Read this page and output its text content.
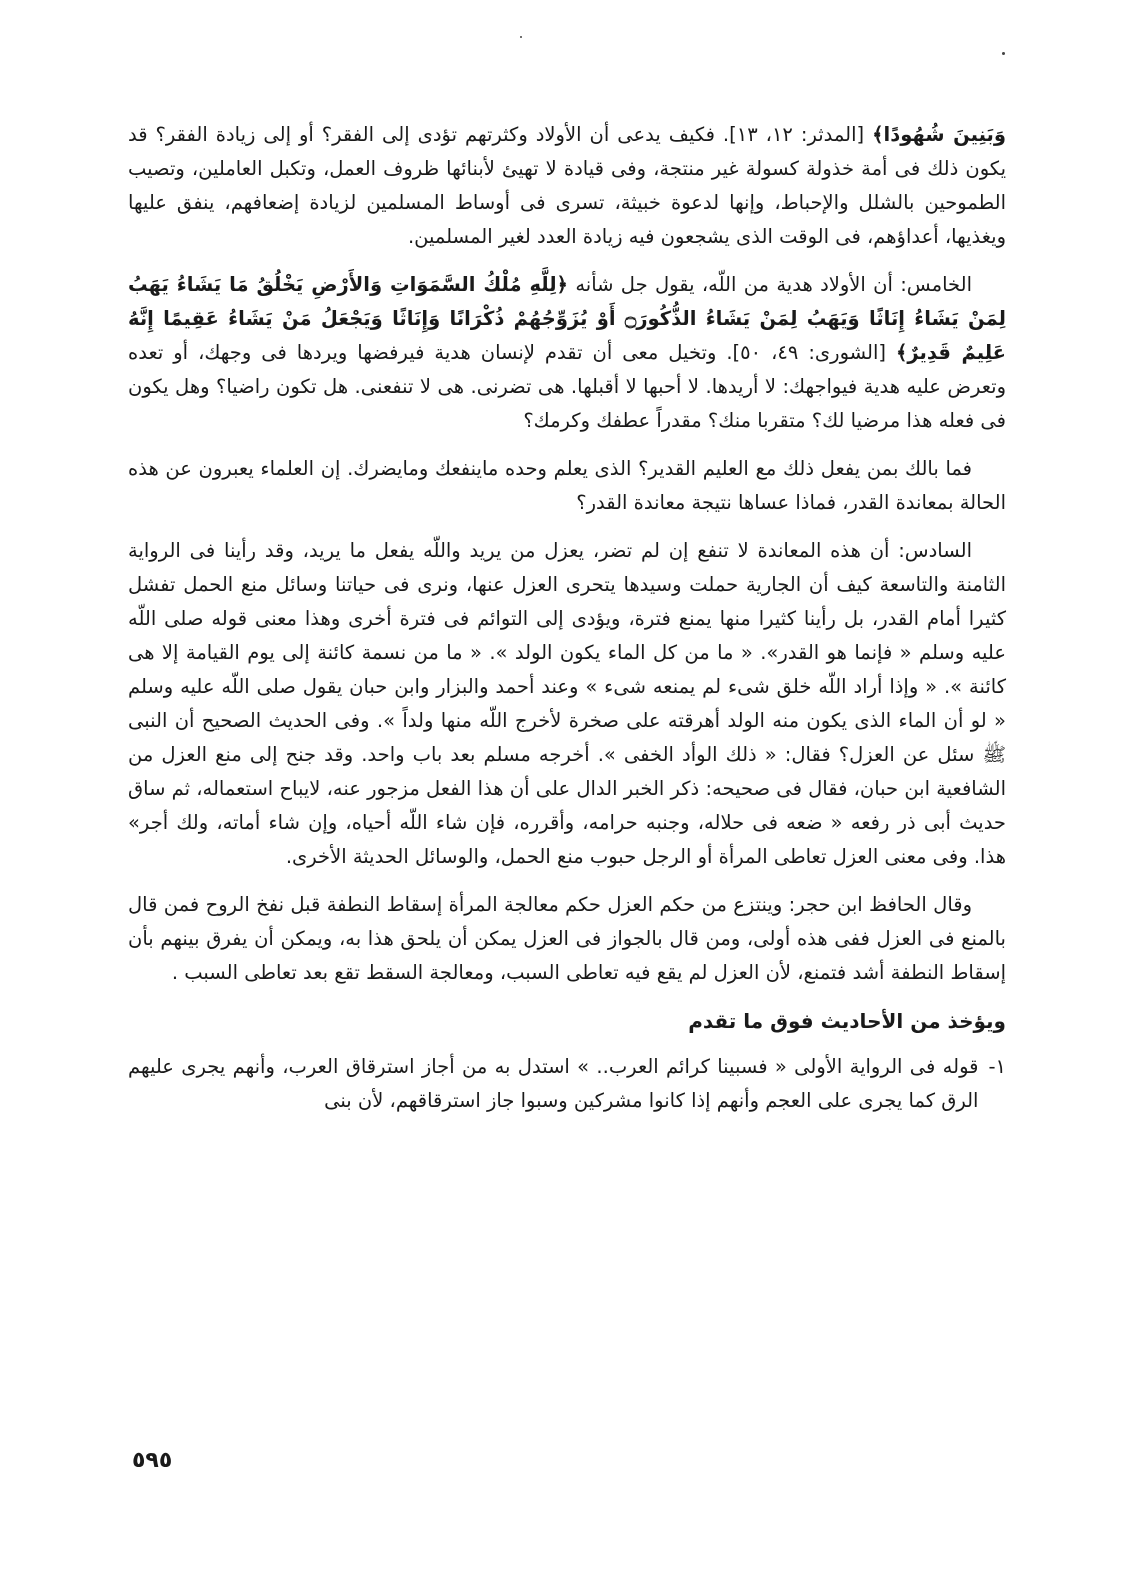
وَبَنِينَ شُهُودًا﴾ [المدثر: ١٢، ١٣]. فكيف يدعى أن الأولاد وكثرتهم تؤدى إلى الفقر؟ أو إلى زيادة الفقر؟ قد يكون ذلك فى أمة خذولة كسولة غير منتجة، وفى قيادة لا تهيئ لأبنائها ظروف العمل، وتكبل العاملين، وتصيب الطموحين بالشلل والإحباط، وإنها لدعوة خبيثة، تسرى فى أوساط المسلمين لزيادة إضعافهم، ينفق عليها ويغذيها، أعداؤهم، فى الوقت الذى يشجعون فيه زيادة العدد لغير المسلمين.

الخامس: أن الأولاد هدية من اللّه، يقول جل شأنه ﴿لِلَّهِ مُلْكُ السَّمَوَاتِ وَالأَرْضِ يَخْلُقُ مَا يَشَاءُ يَهَبُ لِمَنْ يَشَاءُ إِنَاثًا وَيَهَبُ لِمَنْ يَشَاءُ الذُّكُورَ۝ أَوْ يُزَوِّجُهُمْ ذُكْرَانًا وَإِنَاثًا وَيَجْعَلُ مَنْ يَشَاءُ عَقِيمًا إِنَّهُ عَلِيمٌ قَدِيرٌ﴾ [الشورى: ٤٩، ٥٠]. وتخيل معى أن تقدم لإنسان هدية فيرفضها ويردها فى وجهك، أو تعده وتعرض عليه هدية فيواجهك: لا أريدها. لا أحبها لا أقبلها. هى تضرنى. هى لا تنفعنى. هل تكون راضيا؟ وهل يكون فى فعله هذا مرضيا لك؟ متقربا منك؟ مقدراً عطفك وكرمك؟

فما بالك بمن يفعل ذلك مع العليم القدير؟ الذى يعلم وحده ماينفعك ومايضرك. إن العلماء يعبرون عن هذه الحالة بمعاندة القدر، فماذا عساها نتيجة معاندة القدر؟

السادس: أن هذه المعاندة لا تنفع إن لم تضر، يعزل من يريد واللّه يفعل ما يريد، وقد رأينا فى الرواية الثامنة والتاسعة كيف أن الجارية حملت وسيدها يتحرى العزل عنها، ونرى فى حياتنا وسائل منع الحمل تفشل كثيرا أمام القدر، بل رأينا كثيرا منها يمنع فترة، ويؤدى إلى التوائم فى فترة أخرى وهذا معنى قوله صلى اللّه عليه وسلم « فإنما هو القدر». « ما من كل الماء يكون الولد ». « ما من نسمة كائنة إلى يوم القيامة إلا هى كائنة ». « وإذا أراد اللّه خلق شىء لم يمنعه شىء » وعند أحمد والبزار وابن حبان يقول صلى اللّه عليه وسلم « لو أن الماء الذى يكون منه الولد أهرقته على صخرة لأخرج اللّه منها ولداً ». وفى الحديث الصحيح أن النبى ﷺ سئل عن العزل؟ فقال: « ذلك الوأد الخفى ». أخرجه مسلم بعد باب واحد. وقد جنح إلى منع العزل من الشافعية ابن حبان، فقال فى صحيحه: ذكر الخبر الدال على أن هذا الفعل مزجور عنه، لايباح استعماله، ثم ساق حديث أبى ذر رفعه « ضعه فى حلاله، وجنبه حرامه، وأقرره، فإن شاء اللّه أحياه، وإن شاء أماته، ولك أجر» هذا. وفى معنى العزل تعاطى المرأة أو الرجل حبوب منع الحمل، والوسائل الحديثة الأخرى.

وقال الحافظ ابن حجر: وينتزع من حكم العزل حكم معالجة المرأة إسقاط النطفة قبل نفخ الروح فمن قال بالمنع فى العزل ففى هذه أولى، ومن قال بالجواز فى العزل يمكن أن يلحق هذا به، ويمكن أن يفرق بينهم بأن إسقاط النطفة أشد فتمنع، لأن العزل لم يقع فيه تعاطى السبب، ومعالجة السقط تقع بعد تعاطى السبب .

ويؤخذ من الأحاديث فوق ما تقدم
١-
قوله فى الرواية الأولى « فسبينا كرائم العرب.. » استدل به من أجاز استرقاق العرب، وأنهم يجرى عليهم الرق كما يجرى على العجم وأنهم إذا كانوا مشركين وسبوا جاز استرقاقهم، لأن بنى
٥٩٥
